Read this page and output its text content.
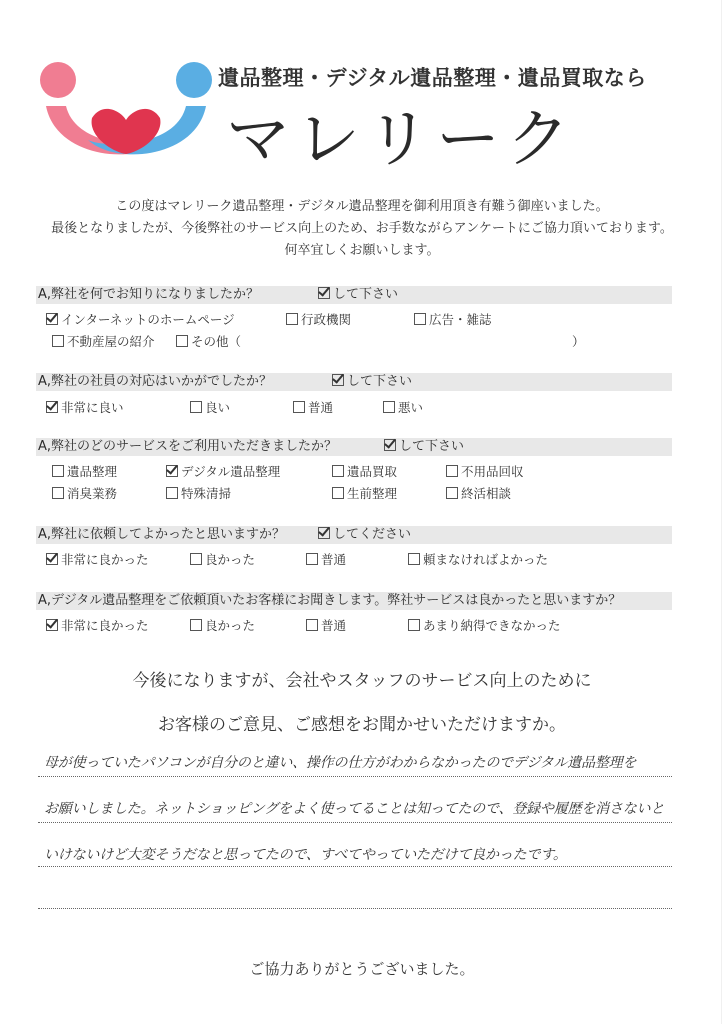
遺品整理・デジタル遺品整理・遺品買取なら
マレリーク
この度はマレリーク遺品整理・デジタル遺品整理を御利用頂き有難う御座いました。
最後となりましたが、今後弊社のサービス向上のため、お手数ながらアンケートにご協力頂いております。
何卒宜しくお願いします。
A,弊社を何でお知りになりましたか？	して下さい
インターネットのホームページ	行政機関	広告・雑誌
不動産屋の紹介	その他（	）
A,弊社の社員の対応はいかがでしたか？	して下さい
非常に良い	良い	普通	悪い
A,弊社のどのサービスをご利用いただきましたか？	して下さい
遺品整理	デジタル遺品整理	遺品買取	不用品回収
消臭業務	特殊清掃	生前整理	終活相談
A,弊社に依頼してよかったと思いますか？	してください
非常に良かった	良かった	普通	頼まなければよかった
A,デジタル遺品整理をご依頼頂いたお客様にお聞きします。弊社サービスは良かったと思いますか？
非常に良かった	良かった	普通	あまり納得できなかった
今後になりますが、会社やスタッフのサービス向上のために
お客様のご意見、ご感想をお聞かせいただけますか。
母が使っていたパソコンが自分のと違い、操作の仕方がわからなかったのでデジタル遺品整理を
お願いしました。ネットショッピングをよく使ってることは知ってたので、登録や履歴を消さないと
いけないけど大変そうだなと思ってたので、すべてやっていただけて良かったです。
ご協力ありがとうございました。
